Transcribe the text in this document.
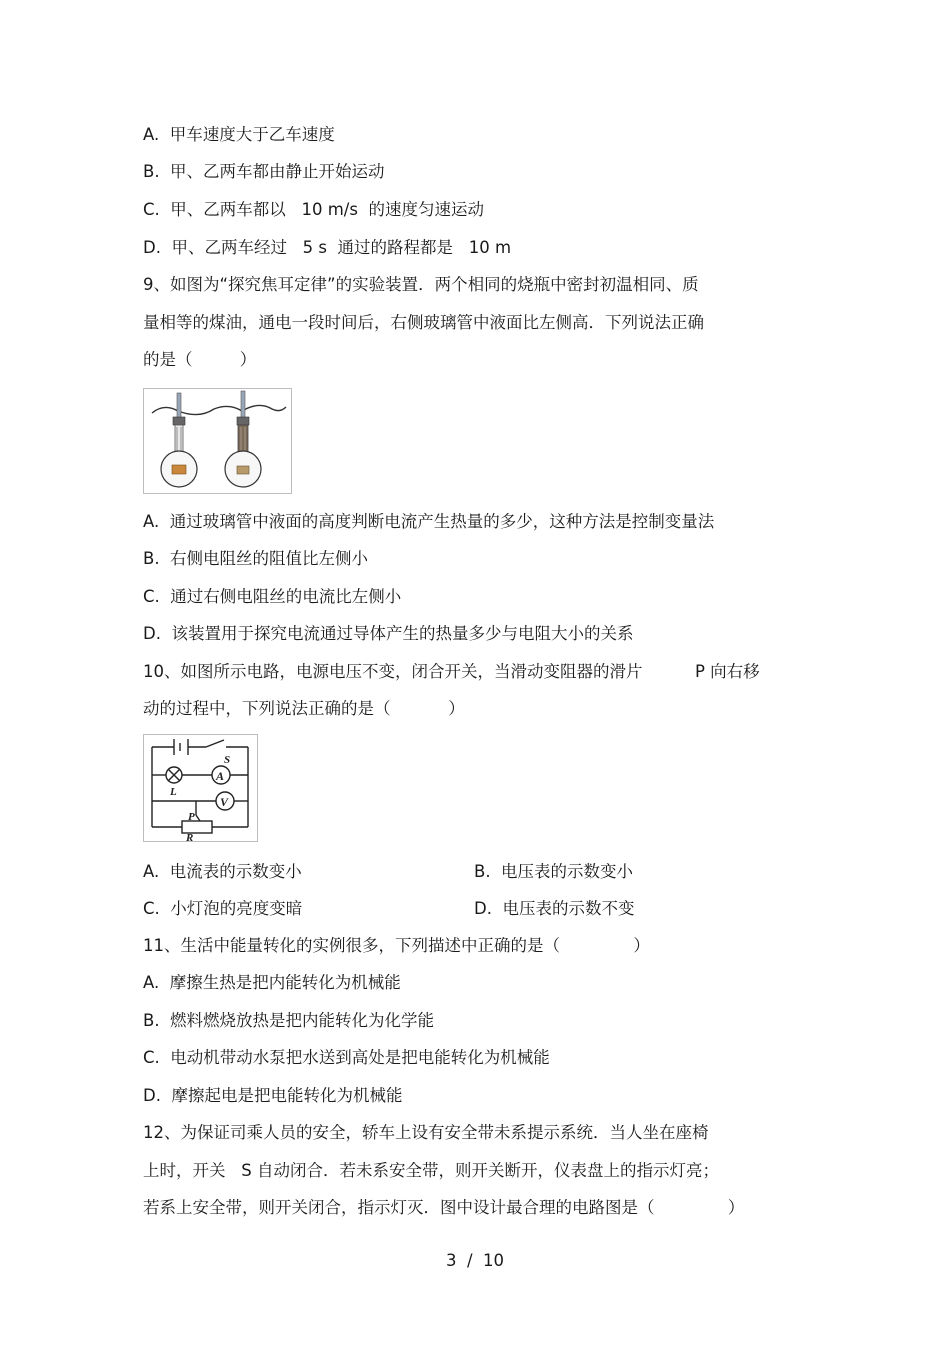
A.  甲车速度大于乙车速度
B.  甲、乙两车都由静止开始运动
C.  甲、乙两车都以   10 m/s  的速度匀速运动
D.  甲、乙两车经过   5 s  通过的路程都是   10 m
9、如图为“探究焦耳定律”的实验装置．两个相同的烧瓶中密封初温相同、质
量相等的煤油，通电一段时间后，右侧玻璃管中液面比左侧高．下列说法正确
的是（         ）
A.  通过玻璃管中液面的高度判断电流产生热量的多少，这种方法是控制变量法
B.  右侧电阻丝的阻值比左侧小
C.  通过右侧电阻丝的电流比左侧小
D.  该装置用于探究电流通过导体产生的热量多少与电阻大小的关系
10、如图所示电路，电源电压不变，闭合开关，当滑动变阻器的滑片          P 向右移
动的过程中，下列说法正确的是（           ）
S
A
V
L
P
R
A.  电流表的示数变小	B.  电压表的示数变小
C.  小灯泡的亮度变暗	D.  电压表的示数不变
11、生活中能量转化的实例很多，下列描述中正确的是（              ）
A.  摩擦生热是把内能转化为机械能
B.  燃料燃烧放热是把内能转化为化学能
C.  电动机带动水泵把水送到高处是把电能转化为机械能
D.  摩擦起电是把电能转化为机械能
12、为保证司乘人员的安全，轿车上设有安全带未系提示系统．当人坐在座椅
上时，开关   S 自动闭合．若未系安全带，则开关断开，仪表盘上的指示灯亮；
若系上安全带，则开关闭合，指示灯灭．图中设计最合理的电路图是（              ）
3  /  10
